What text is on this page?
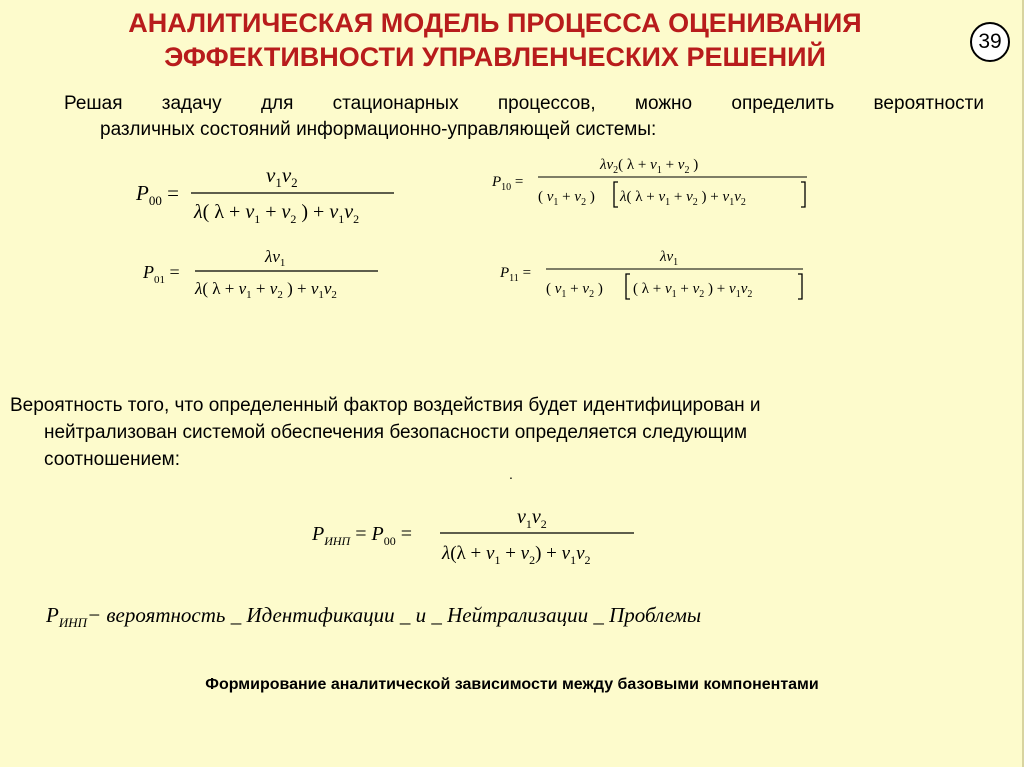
АНАЛИТИЧЕСКАЯ МОДЕЛЬ ПРОЦЕССА ОЦЕНИВАНИЯ
ЭФФЕКТИВНОСТИ УПРАВЛЕНЧЕСКИХ РЕШЕНИЙ
39
Решая задачу для стационарных процессов, можно определить вероятности
различных состояний информационно-управляющей системы:
$P_{00}$ =
$\nu_1\nu_2$
λ( $\lambda + \nu_1 + \nu_2$ ) + $\nu_1\nu_2$
$P_{01}$ =
$\lambda\nu_1$
λ( $\lambda + \nu_1 + \nu_2$ ) + $\nu_1\nu_2$
$P_{10}$ =
$\lambda\nu_2$( $\lambda + \nu_1 + \nu_2$ )
( $\nu_1 + \nu_2$ ) λ( $\lambda + \nu_1 + \nu_2$ ) + $\nu_1\nu_2$
$P_{11}$ =
$\lambda\nu_1$
( $\nu_1 + \nu_2$ ) ( $\lambda + \nu_1 + \nu_2$ ) + $\nu_1\nu_2$
Вероятность того, что определенный фактор воздействия будет идентифицирован и
нейтрализован системой обеспечения безопасности определяется следующим
соотношением:
.
$P_{ИНП} = P_{00}$ =
$\nu_1\nu_2$
$\lambda(\lambda + \nu_1 + \nu_2) + \nu_1\nu_2$
$P_{ИНП}-$ вероятность _ Идентификации _ и _ Нейтрализации _ Проблемы
Формирование аналитической зависимости между базовыми компонентами
